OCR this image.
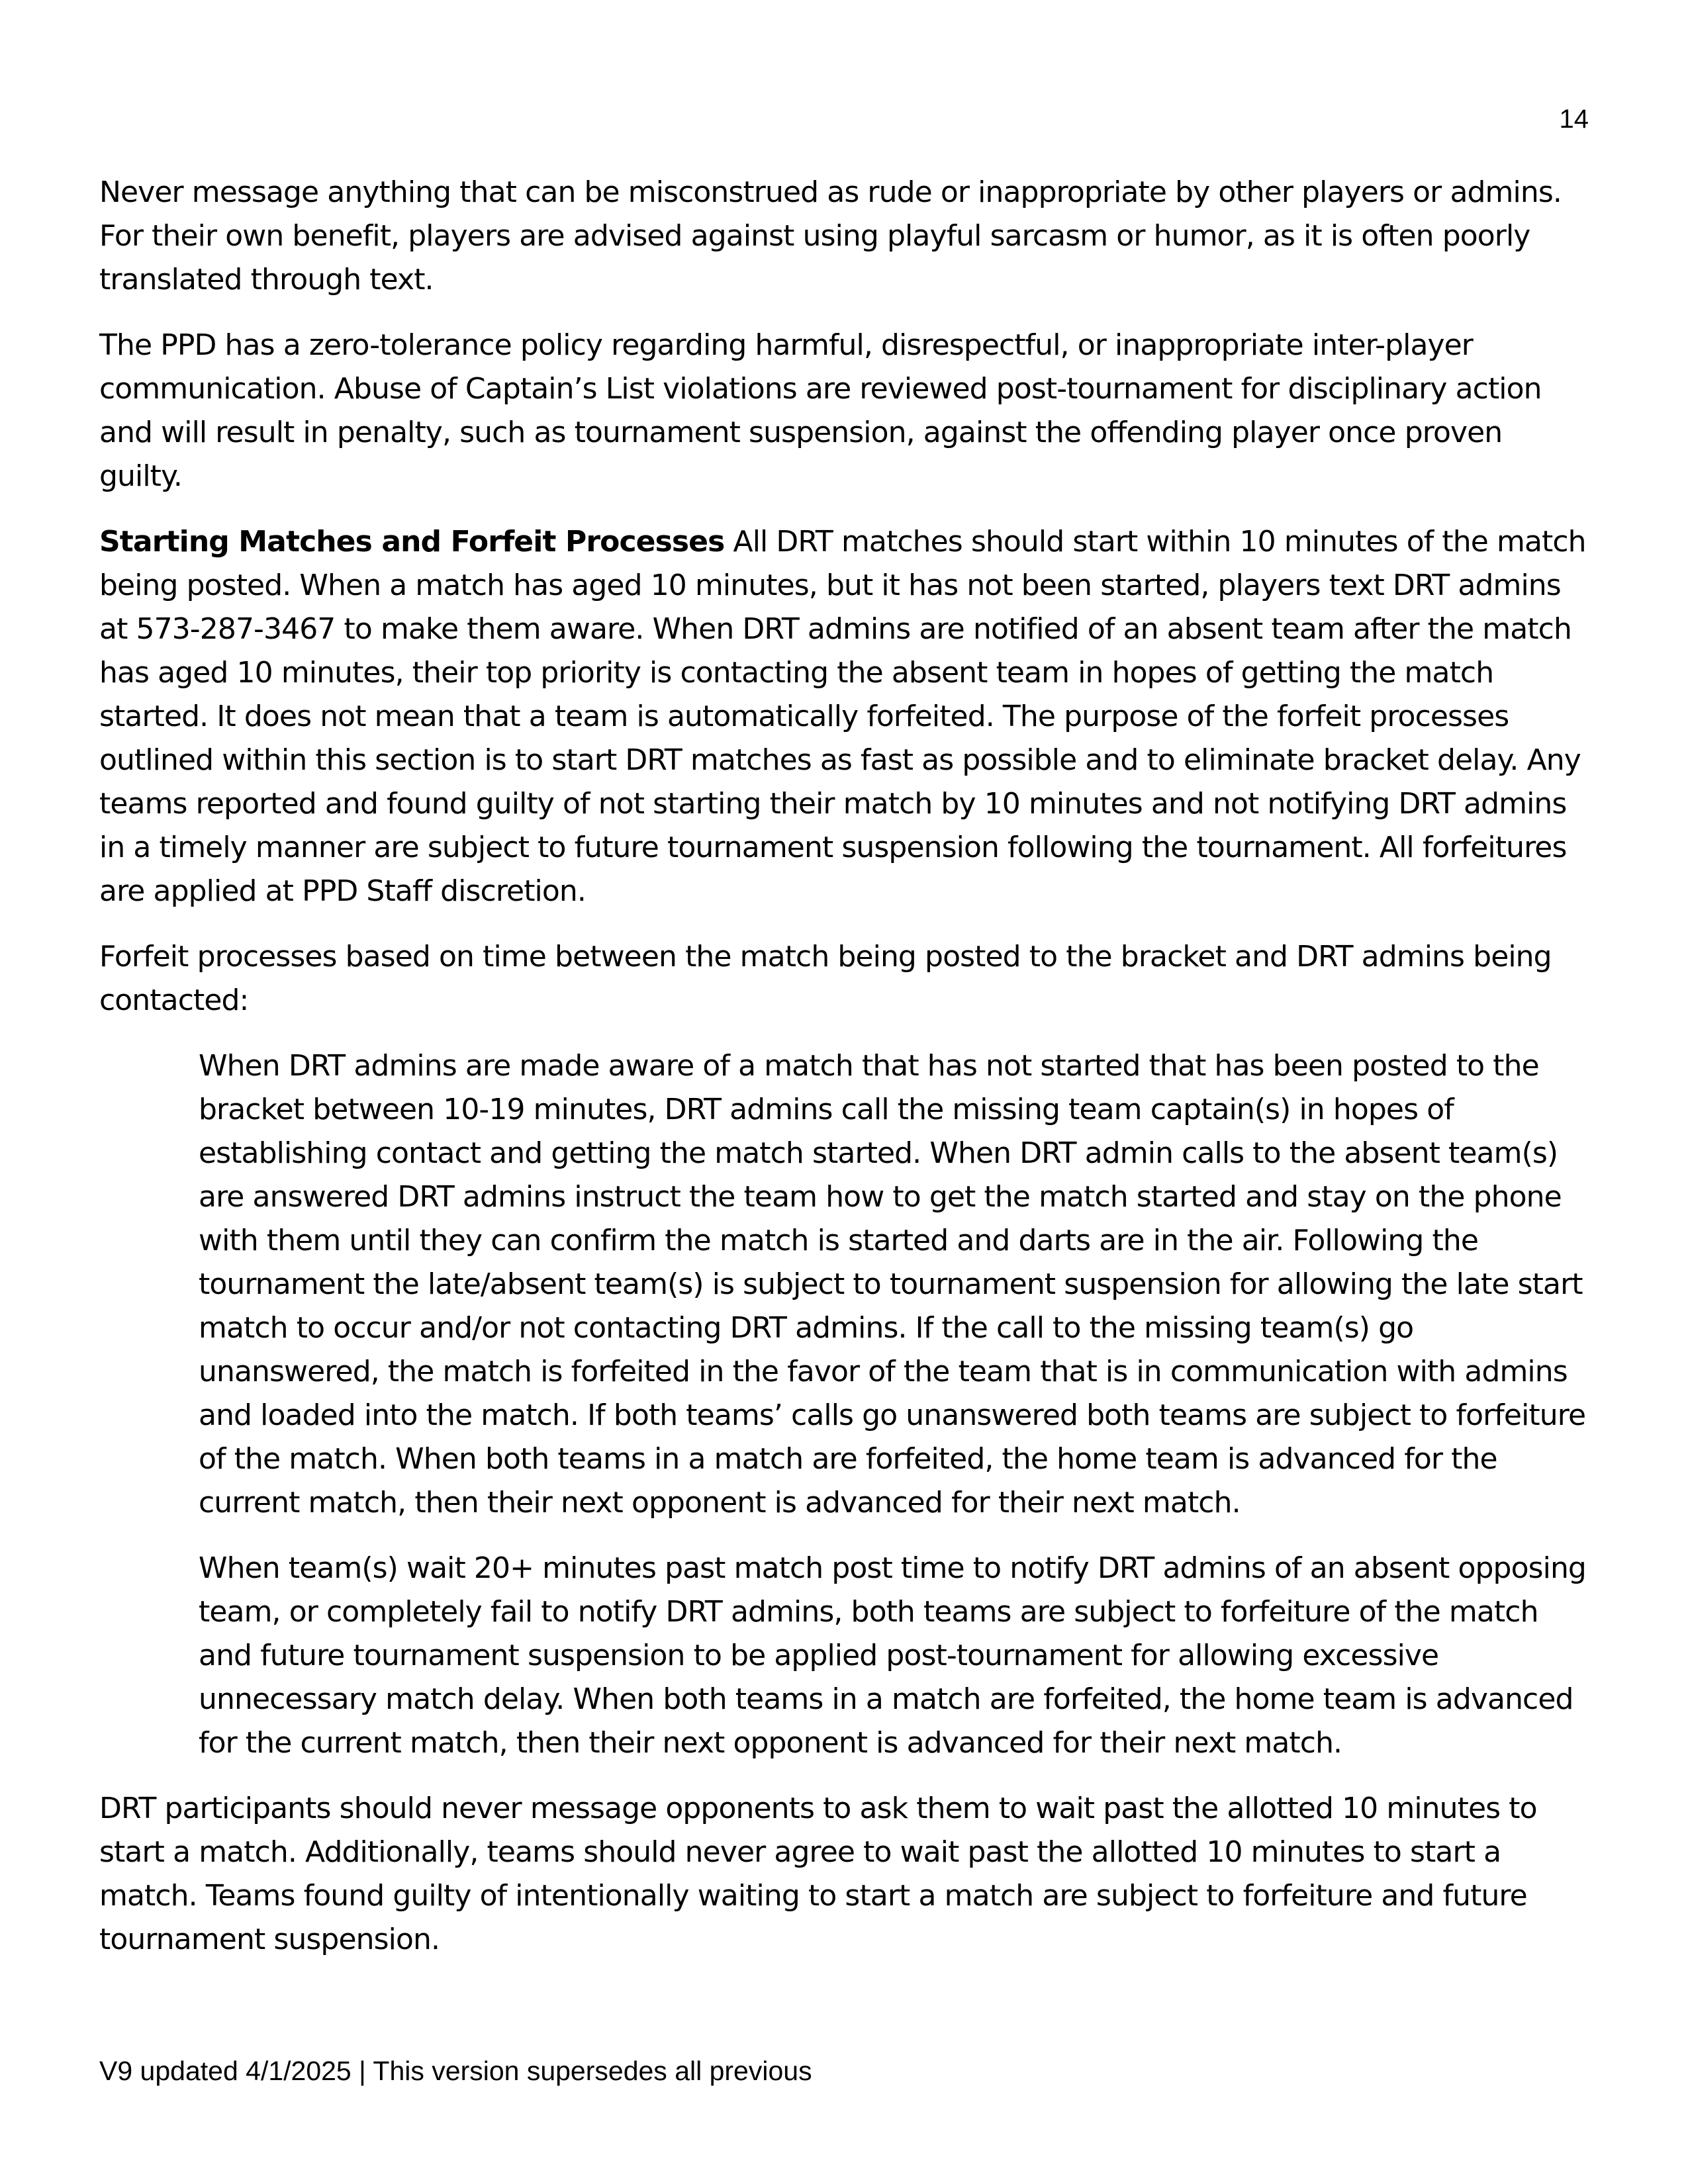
14

Never message anything that can be misconstrued as rude or inappropriate by other players or admins. For their own benefit, players are advised against using playful sarcasm or humor, as it is often poorly translated through text.

The PPD has a zero-tolerance policy regarding harmful, disrespectful, or inappropriate inter-player communication. Abuse of Captain’s List violations are reviewed post-tournament for disciplinary action and will result in penalty, such as tournament suspension, against the offending player once proven guilty.

Starting Matches and Forfeit Processes All DRT matches should start within 10 minutes of the match being posted. When a match has aged 10 minutes, but it has not been started, players text DRT admins at 573-287-3467 to make them aware. When DRT admins are notified of an absent team after the match has aged 10 minutes, their top priority is contacting the absent team in hopes of getting the match started. It does not mean that a team is automatically forfeited. The purpose of the forfeit processes outlined within this section is to start DRT matches as fast as possible and to eliminate bracket delay. Any teams reported and found guilty of not starting their match by 10 minutes and not notifying DRT admins in a timely manner are subject to future tournament suspension following the tournament. All forfeitures are applied at PPD Staff discretion.

Forfeit processes based on time between the match being posted to the bracket and DRT admins being contacted:

When DRT admins are made aware of a match that has not started that has been posted to the bracket between 10-19 minutes, DRT admins call the missing team captain(s) in hopes of establishing contact and getting the match started. When DRT admin calls to the absent team(s) are answered DRT admins instruct the team how to get the match started and stay on the phone with them until they can confirm the match is started and darts are in the air. Following the tournament the late/absent team(s) is subject to tournament suspension for allowing the late start match to occur and/or not contacting DRT admins. If the call to the missing team(s) go unanswered, the match is forfeited in the favor of the team that is in communication with admins and loaded into the match. If both teams’ calls go unanswered both teams are subject to forfeiture of the match. When both teams in a match are forfeited, the home team is advanced for the current match, then their next opponent is advanced for their next match.

When team(s) wait 20+ minutes past match post time to notify DRT admins of an absent opposing team, or completely fail to notify DRT admins, both teams are subject to forfeiture of the match and future tournament suspension to be applied post-tournament for allowing excessive unnecessary match delay. When both teams in a match are forfeited, the home team is advanced for the current match, then their next opponent is advanced for their next match.

DRT participants should never message opponents to ask them to wait past the allotted 10 minutes to start a match. Additionally, teams should never agree to wait past the allotted 10 minutes to start a match. Teams found guilty of intentionally waiting to start a match are subject to forfeiture and future tournament suspension.

V9 updated 4/1/2025 | This version supersedes all previous
